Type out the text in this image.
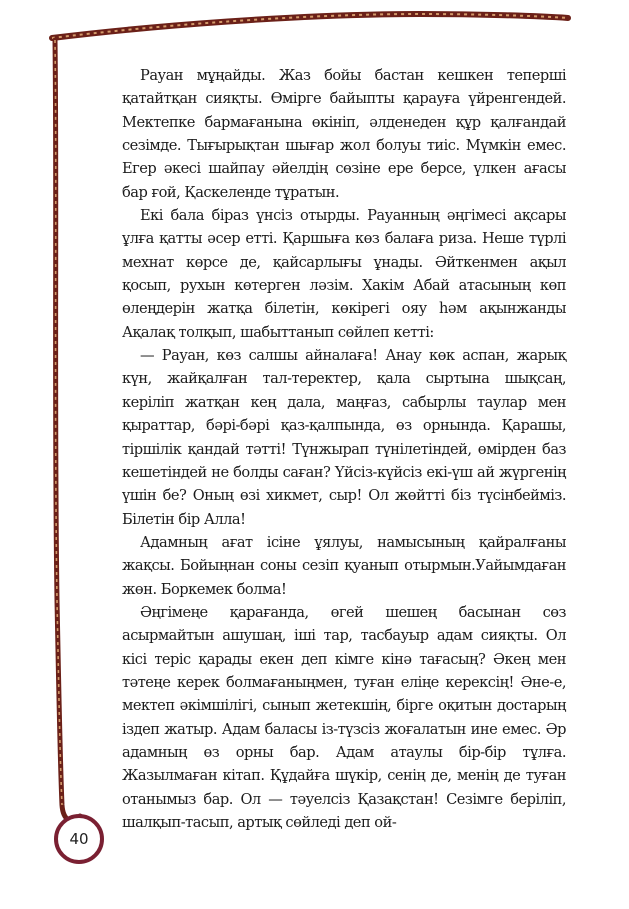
Рауан мұңайды. Жаз бойы бастан кешкен тепершi қатайтқан сияқты. Өмiрге байыпты қарауға үйренгендей. Мектепке бармағанына өкiнiп, әлденеден құр қалғандай сезiмде. Тығырықтан шығар жол болуы тиiс. Мүмкiн емес. Егер әкесi шайпау әйелдiң сөзiне ере берсе, үлкен ағасы бар ғой, Қаскеленде тұратын.

Екi бала бiраз үнсiз отырды. Рауанның әңгiмесi ақсары ұлға қатты әсер еттi. Қаршыға көз балаға риза. Неше түрлi мехнат көрсе де, қайсарлығы ұнады. Әйткенмен ақыл қосып, рухын көтерген ләзiм. Хакiм Абай атасының көп өлеңдерiн жатқа бiлетiн, көкiрегi ояу һәм ақынжанды Ақалақ толқып, шабыттанып сөйлеп кеттi:

— Рауан, көз салшы айналаға! Анау көк аспан, жарық күн, жайқалған тал-теректер, қала сыртына шықсаң, керiлiп жатқан кең дала, маңғаз, сабырлы таулар мен қыраттар, бәрi-бәрi қаз-қалпында, өз орнында. Қарашы, тiршiлiк қандай тәттi! Түнжырап түнiлетiндей, өмiрден баз кешетiндей не болды саған? Үйсiз-күйсiз екi-үш ай жүргенiң үшiн бе? Оның өзi хикмет, сыр! Ол жөйттi бiз түсiнбеймiз. Бiлетiн бiр Алла!

Адамның ағат iсiне ұялуы, намысының қайралғаны жақсы. Бойыңнан соны сезiп қуанып отырмын.Уайымдаған жөн. Боркемек болма!

Әңгiмеңе қарағанда, өгей шешең басынан сөз асырмайтын ашушаң, iшi тар, тасбауыр адам сияқты. Ол кiсi терiс қарады екен деп кiмге кiнә тағасың? Әкең мен тәтеңе керек болмағаныңмен, туған елiңе керексiң! Әне-е, мектеп әкiмшiлiгi, сынып жетекшiң, бiрге оқитын достарың iздеп жатыр. Адам баласы iз-түзсiз жоғалатын ине емес. Әр адамның өз орны бар. Адам атаулы бiр-бiр тұлға. Жазылмаған кiтап. Құдайға шүкiр, сенiң де, менiң де туған отанымыз бар. Ол — тәуелсiз Қазақстан! Сезiмге берiлiп, шалқып-тасып, артық сөйледi деп ой-

40
